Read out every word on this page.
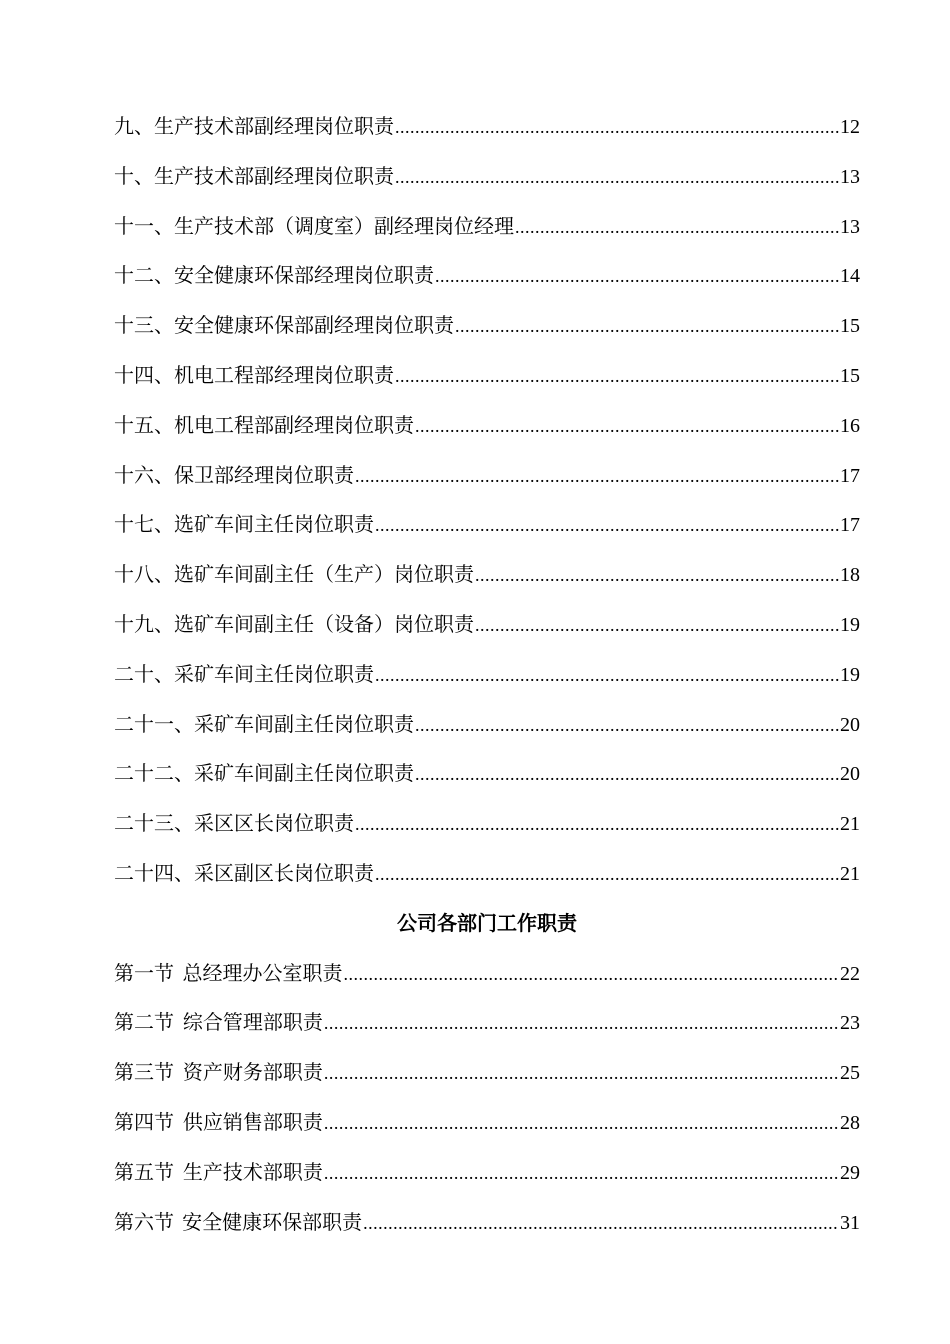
九、生产技术部副经理岗位职责 .....	12
十、生产技术部副经理岗位职责 .....	13
十一、生产技术部（调度室）副经理岗位经理 .....	13
十二、安全健康环保部经理岗位职责 .....	14
十三、安全健康环保部副经理岗位职责 .....	15
十四、机电工程部经理岗位职责 .....	15
十五、机电工程部副经理岗位职责 .....	16
十六、保卫部经理岗位职责 .....	17
十七、选矿车间主任岗位职责 .....	17
十八、选矿车间副主任（生产）岗位职责 .....	18
十九、选矿车间副主任（设备）岗位职责 .....	19
二十、采矿车间主任岗位职责 .....	19
二十一、采矿车间副主任岗位职责 .....	20
二十二、采矿车间副主任岗位职责 .....	20
二十三、采区区长岗位职责 .....	21
二十四、采区副区长岗位职责 .....	21
公司各部门工作职责
第一节 总经理办公室职责 .....	22
第二节 综合管理部职责 .....	23
第三节 资产财务部职责 .....	25
第四节 供应销售部职责 .....	28
第五节 生产技术部职责 .....	29
第六节 安全健康环保部职责 .....	31
